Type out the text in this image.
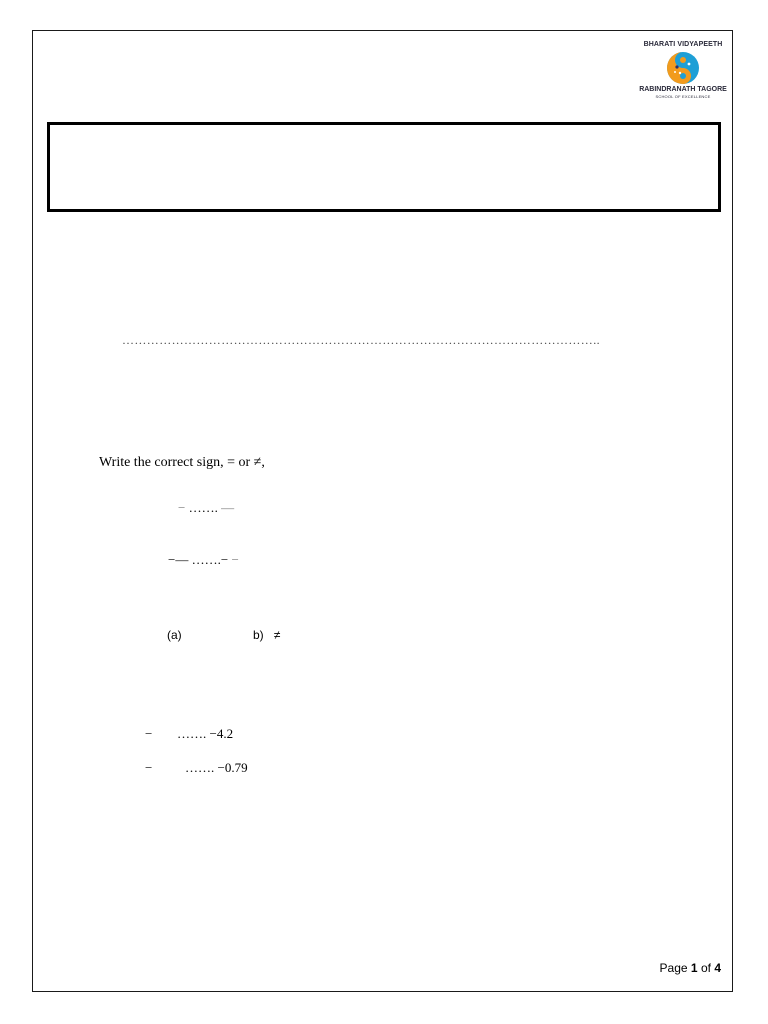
BHARATI VIDYAPEETH
RABINDRANATH TAGORE
SCHOOL OF EXCELLENCE
……………………………………………………………………………………………………..
Write the correct sign, = or ≠,
− ……. —
−— …….− −
(a)	b) ≠
− ……. −4.2
−	……. −0.79
Page 1 of 4
